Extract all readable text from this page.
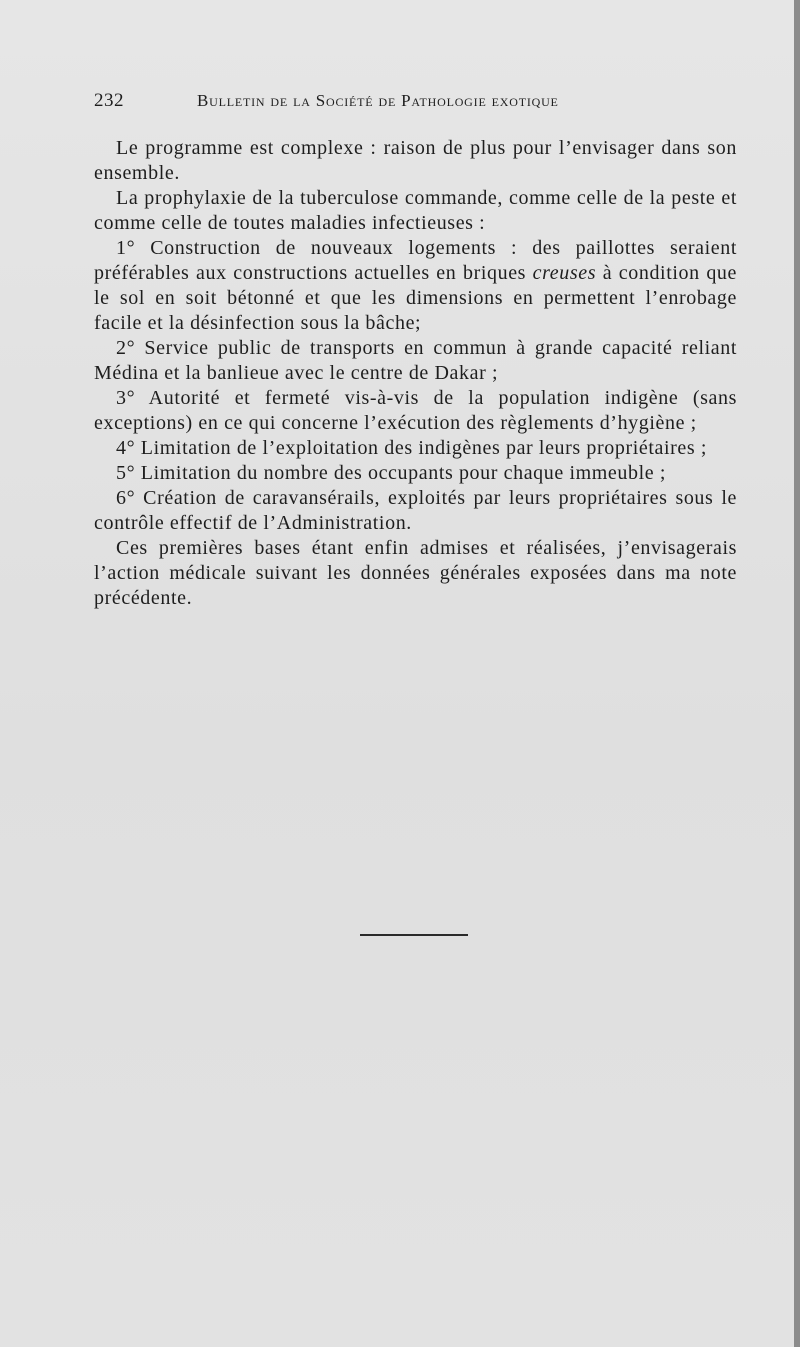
232	Bulletin de la Société de Pathologie exotique

Le programme est complexe : raison de plus pour l’envisager dans son ensemble.

La prophylaxie de la tuberculose commande, comme celle de la peste et comme celle de toutes maladies infectieuses :

1° Construction de nouveaux logements : des paillottes seraient préférables aux constructions actuelles en briques creuses à condition que le sol en soit bétonné et que les dimensions en permettent l’enrobage facile et la désinfection sous la bâche;

2° Service public de transports en commun à grande capacité reliant Médina et la banlieue avec le centre de Dakar ;

3° Autorité et fermeté vis-à-vis de la population indigène (sans exceptions) en ce qui concerne l’exécution des règlements d’hygiène ;

4° Limitation de l’exploitation des indigènes par leurs propriétaires ;

5° Limitation du nombre des occupants pour chaque immeuble ;

6° Création de caravansérails, exploités par leurs propriétaires sous le contrôle effectif de l’Administration.

Ces premières bases étant enfin admises et réalisées, j’envisagerais l’action médicale suivant les données générales exposées dans ma note précédente.
